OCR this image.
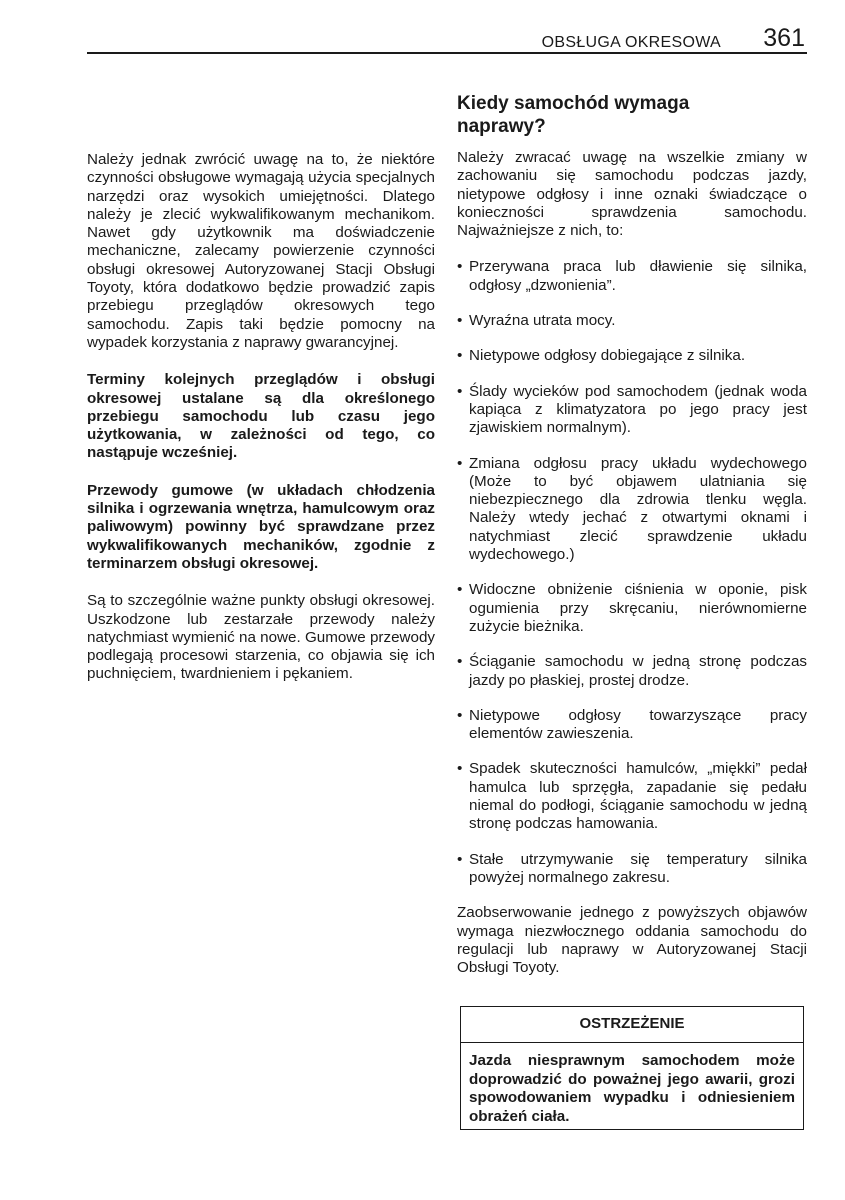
OBSŁUGA OKRESOWA 361

Należy jednak zwrócić uwagę na to, że niektóre czynności obsługowe wymagają użycia specjalnych narzędzi oraz wysokich umiejętności. Dlatego należy je zlecić wykwalifikowanym mechanikom. Nawet gdy użytkownik ma doświadczenie mechaniczne, zalecamy powierzenie czynności obsługi okresowej Autoryzowanej Stacji Obsługi Toyoty, która dodatkowo będzie prowadzić zapis przebiegu przeglądów okresowych tego samochodu. Zapis taki będzie pomocny na wypadek korzystania z naprawy gwarancyjnej.

Terminy kolejnych przeglądów i obsługi okresowej ustalane są dla określonego przebiegu samochodu lub czasu jego użytkowania, w zależności od tego, co nastąpuje wcześniej.

Przewody gumowe (w układach chłodzenia silnika i ogrzewania wnętrza, hamulcowym oraz paliwowym) powinny być sprawdzane przez wykwalifikowanych mechaników, zgodnie z terminarzem obsługi okresowej.

Są to szczególnie ważne punkty obsługi okresowej. Uszkodzone lub zestarzałe przewody należy natychmiast wymienić na nowe. Gumowe przewody podlegają procesowi starzenia, co objawia się ich puchnięciem, twardnieniem i pękaniem.

Kiedy samochód wymaga naprawy?

Należy zwracać uwagę na wszelkie zmiany w zachowaniu się samochodu podczas jazdy, nietypowe odgłosy i inne oznaki świadczące o konieczności sprawdzenia samochodu. Najważniejsze z nich, to:

• Przerywana praca lub dławienie się silnika, odgłosy „dzwonienia”.
• Wyraźna utrata mocy.
• Nietypowe odgłosy dobiegające z silnika.
• Ślady wycieków pod samochodem (jednak woda kapiąca z klimatyzatora po jego pracy jest zjawiskiem normalnym).
• Zmiana odgłosu pracy układu wydechowego (Może to być objawem ulatniania się niebezpiecznego dla zdrowia tlenku węgla. Należy wtedy jechać z otwartymi oknami i natychmiast zlecić sprawdzenie układu wydechowego.)
• Widoczne obniżenie ciśnienia w oponie, pisk ogumienia przy skręcaniu, nierównomierne zużycie bieżnika.
• Ściąganie samochodu w jedną stronę podczas jazdy po płaskiej, prostej drodze.
• Nietypowe odgłosy towarzyszące pracy elementów zawieszenia.
• Spadek skuteczności hamulców, „miękki” pedał hamulca lub sprzęgła, zapadanie się pedału niemal do podłogi, ściąganie samochodu w jedną stronę podczas hamowania.
• Stałe utrzymywanie się temperatury silnika powyżej normalnego zakresu.

Zaobserwowanie jednego z powyższych objawów wymaga niezwłocznego oddania samochodu do regulacji lub naprawy w Autoryzowanej Stacji Obsługi Toyoty.

OSTRZEŻENIE
Jazda niesprawnym samochodem może doprowadzić do poważnej jego awarii, grozi spowodowaniem wypadku i odniesieniem obrażeń ciała.
